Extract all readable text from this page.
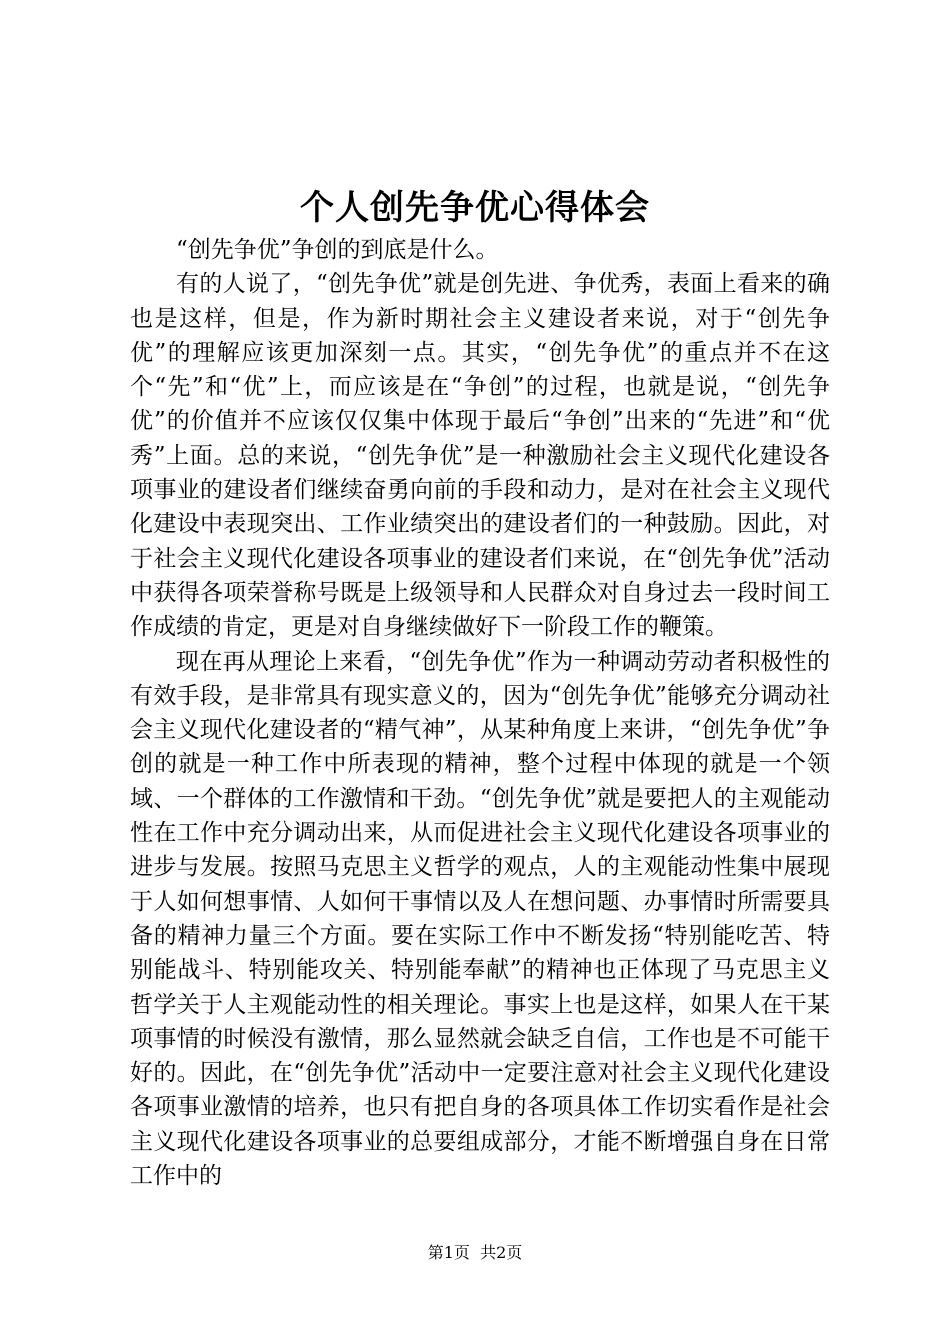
个人创先争优心得体会

“创先争优”争创的到底是什么。

有的人说了，“创先争优”就是创先进、争优秀，表面上看来的确也是这样，但是，作为新时期社会主义建设者来说，对于“创先争优”的理解应该更加深刻一点。其实，“创先争优”的重点并不在这个“先”和“优”上，而应该是在“争创”的过程，也就是说，“创先争优”的价值并不应该仅仅集中体现于最后“争创”出来的“先进”和“优秀”上面。总的来说，“创先争优”是一种激励社会主义现代化建设各项事业的建设者们继续奋勇向前的手段和动力，是对在社会主义现代化建设中表现突出、工作业绩突出的建设者们的一种鼓励。因此，对于社会主义现代化建设各项事业的建设者们来说，在“创先争优”活动中获得各项荣誉称号既是上级领导和人民群众对自身过去一段时间工作成绩的肯定，更是对自身继续做好下一阶段工作的鞭策。

现在再从理论上来看，“创先争优”作为一种调动劳动者积极性的有效手段，是非常具有现实意义的，因为“创先争优”能够充分调动社会主义现代化建设者的“精气神”，从某种角度上来讲，“创先争优”争创的就是一种工作中所表现的精神，整个过程中体现的就是一个领域、一个群体的工作激情和干劲。“创先争优”就是要把人的主观能动性在工作中充分调动出来，从而促进社会主义现代化建设各项事业的进步与发展。按照马克思主义哲学的观点，人的主观能动性集中展现于人如何想事情、人如何干事情以及人在想问题、办事情时所需要具备的精神力量三个方面。要在实际工作中不断发扬“特别能吃苦、特别能战斗、特别能攻关、特别能奉献”的精神也正体现了马克思主义哲学关于人主观能动性的相关理论。事实上也是这样，如果人在干某项事情的时候没有激情，那么显然就会缺乏自信，工作也是不可能干好的。因此，在“创先争优”活动中一定要注意对社会主义现代化建设各项事业激情的培养，也只有把自身的各项具体工作切实看作是社会主义现代化建设各项事业的总要组成部分，才能不断增强自身在日常工作中的

第1页 共2页
